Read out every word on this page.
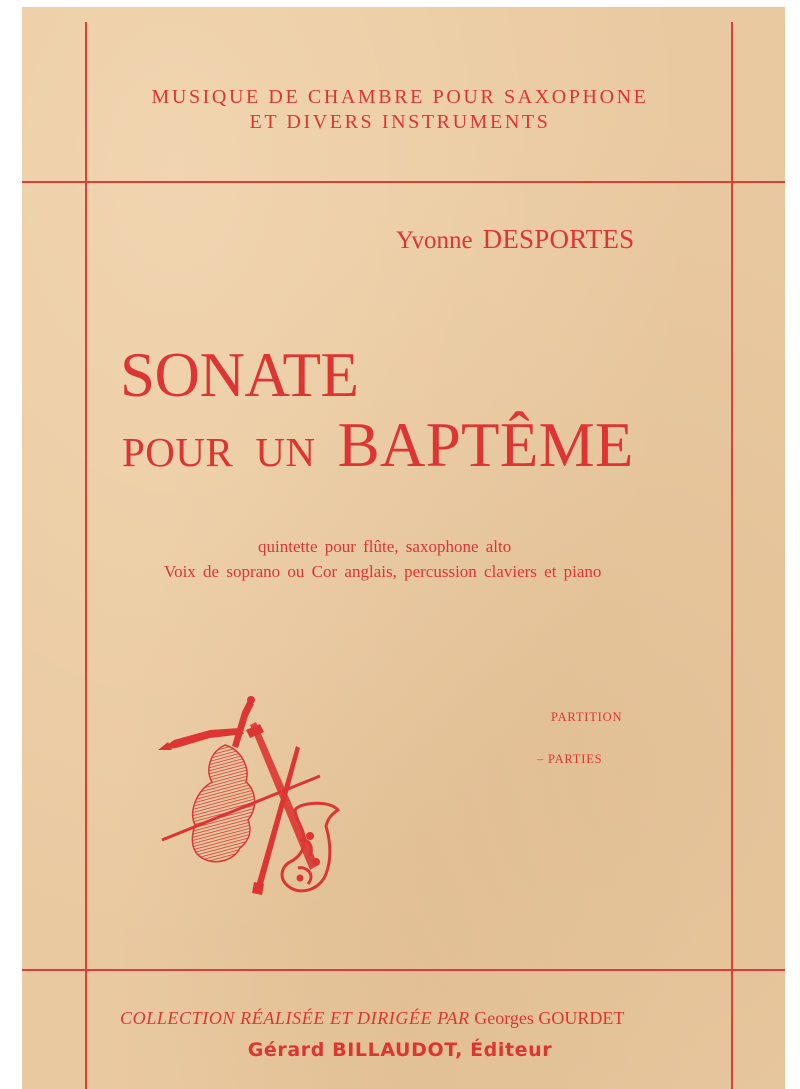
MUSIQUE DE CHAMBRE POUR SAXOPHONE
ET DIVERS INSTRUMENTS
Yvonne DESPORTES
SONATE
POUR UN BAPTÊME
quintette pour flûte, saxophone alto
Voix de soprano ou Cor anglais, percussion claviers et piano
PARTITION
– PARTIES
COLLECTION RÉALISÉE ET DIRIGÉE PAR Georges GOURDET
Gérard BILLAUDOT, Éditeur
